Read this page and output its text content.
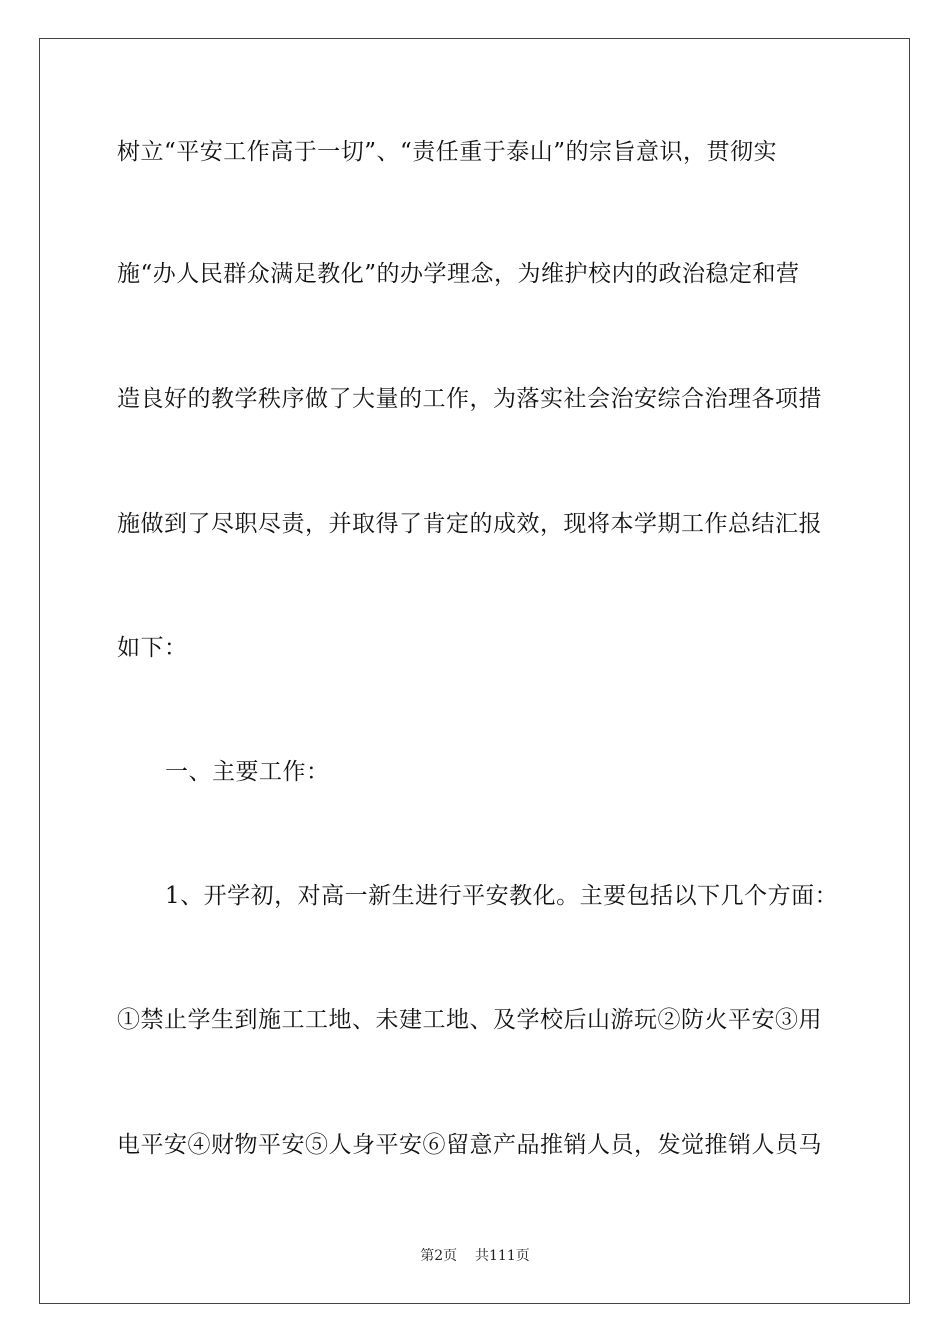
树立“平安工作高于一切”、“责任重于泰山”的宗旨意识，贯彻实
施“办人民群众满足教化”的办学理念，为维护校内的政治稳定和营
造良好的教学秩序做了大量的工作，为落实社会治安综合治理各项措
施做到了尽职尽责，并取得了肯定的成效，现将本学期工作总结汇报
如下：
一、主要工作：
1、开学初，对高一新生进行平安教化。主要包括以下几个方面：
①禁止学生到施工工地、未建工地、及学校后山游玩②防火平安③用
电平安④财物平安⑤人身平安⑥留意产品推销人员，发觉推销人员马
第2页 共111页
